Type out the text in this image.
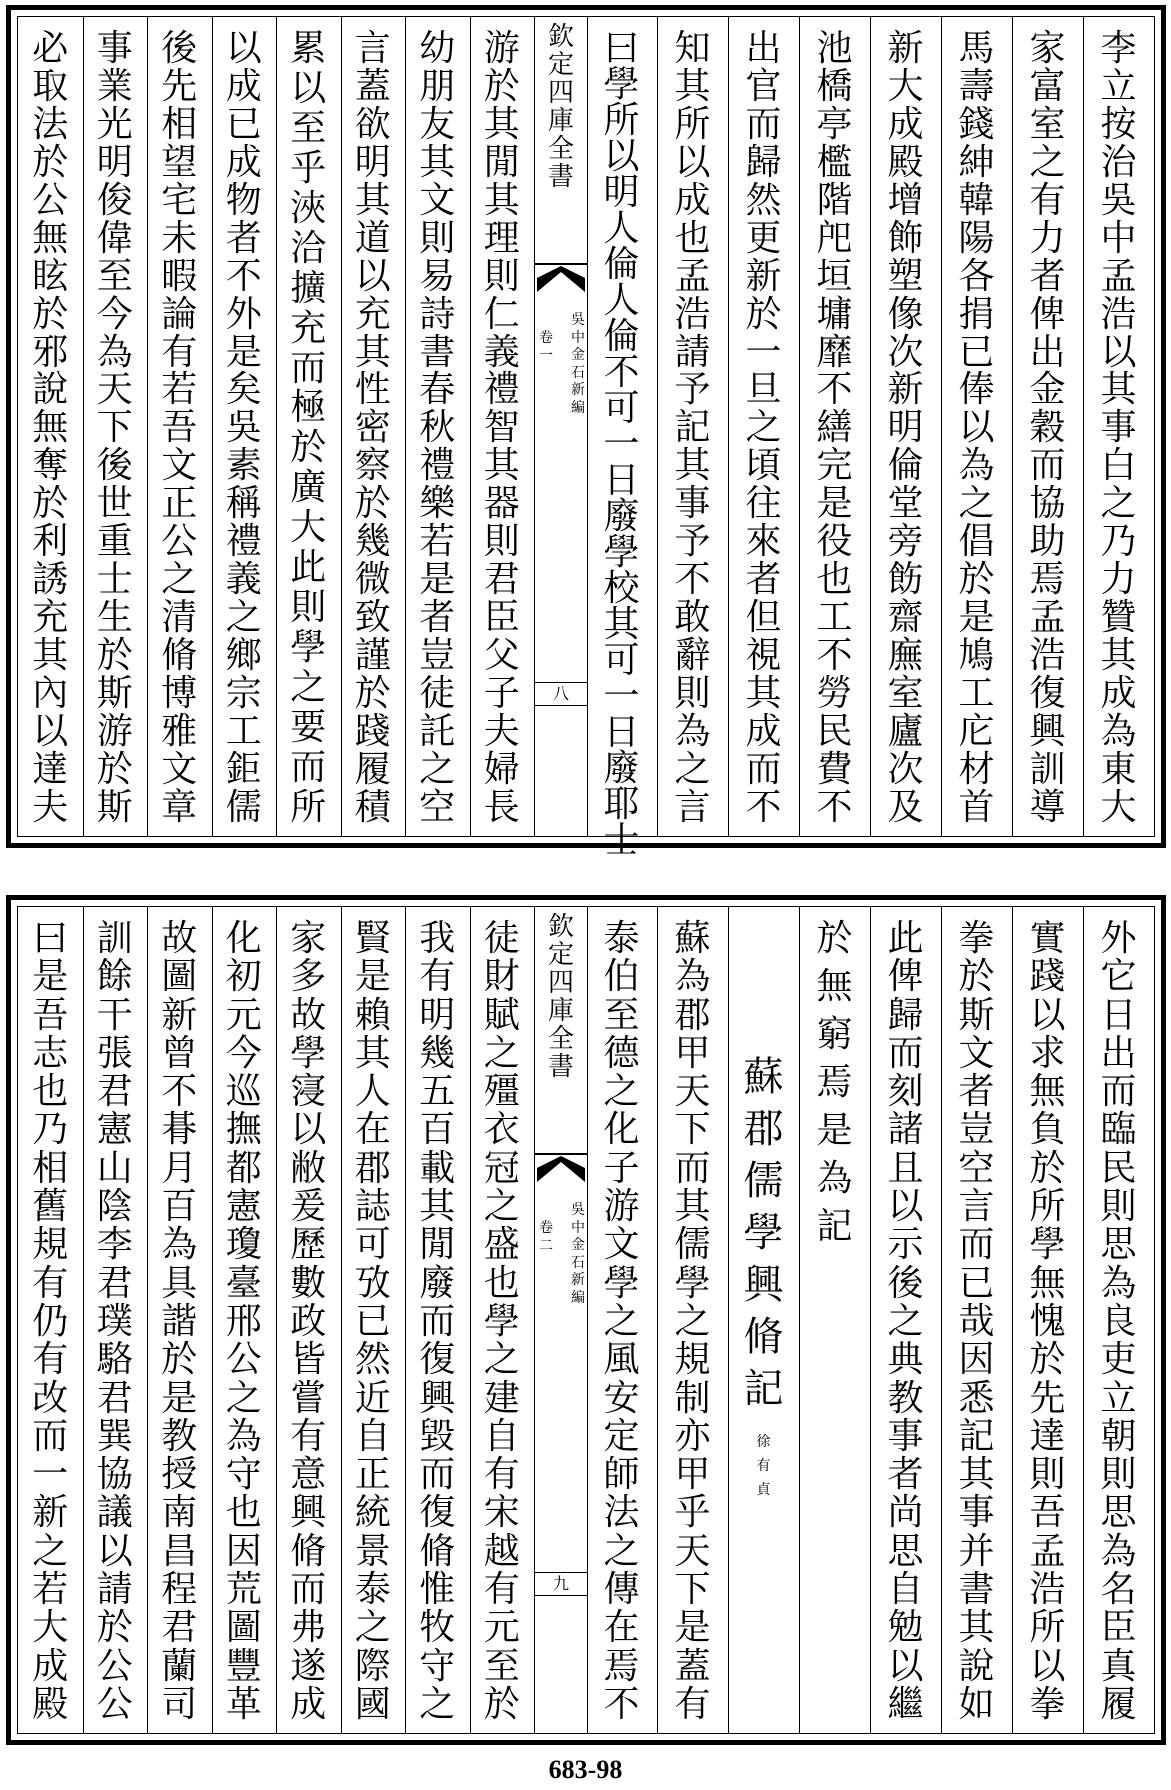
李
立
按
治
吳
中
孟
浩
以
其
事
白
之
乃
力
贊
其
成
為
東
大
家
富
室
之
有
力
者
俾
出
金
穀
而
協
助
焉
孟
浩
復
興
訓
導
馬
壽
錢
紳
韓
陽
各
捐
已
俸
以
為
之
倡
於
是
鳩
工
庀
材
首
新
大
成
殿
增
飾
塑
像
次
新
明
倫
堂
旁
飭
齋
廡
室
廬
次
及
池
橋
亭
檻
階
戺
垣
墉
靡
不
繕
完
是
役
也
工
不
勞
民
費
不
出
官
而
歸
然
更
新
於
一
旦
之
頃
往
來
者
但
視
其
成
而
不
知
其
所
以
成
也
孟
浩
請
予
記
其
事
予
不
敢
辭
則
為
之
言
曰
學
所
以
明
人
倫
人
倫
不
可
一
日
廢
學
校
其
可
一
日
廢
耶
士
游
於
其
閒
其
理
則
仁
義
禮
智
其
器
則
君
臣
父
子
夫
婦
長
幼
朋
友
其
文
則
易
詩
書
春
秋
禮
樂
若
是
者
豈
徒
託
之
空
言
蓋
欲
明
其
道
以
充
其
性
密
察
於
幾
微
致
謹
於
踐
履
積
累
以
至
乎
浹
洽
擴
充
而
極
於
廣
大
此
則
學
之
要
而
所
以
成
已
成
物
者
不
外
是
矣
吳
素
稱
禮
義
之
鄉
宗
工
鉅
儒
後
先
相
望
宅
未
暇
論
有
若
吾
文
正
公
之
清
脩
博
雅
文
章
事
業
光
明
俊
偉
至
今
為
天
下
後
世
重
士
生
於
斯
游
於
斯
必
取
法
於
公
無
眩
於
邪
說
無
奪
於
利
誘
充
其
內
以
達
夫
欽
定
四
庫
全
書
吳
中
金
石
新
編
卷
一
八
外
它
日
出
而
臨
民
則
思
為
良
吏
立
朝
則
思
為
名
臣
真
履
實
踐
以
求
無
負
於
所
學
無
愧
於
先
達
則
吾
孟
浩
所
以
拳
拳
於
斯
文
者
豈
空
言
而
已
哉
因
悉
記
其
事
并
書
其
說
如
此
俾
歸
而
刻
諸
且
以
示
後
之
典
教
事
者
尚
思
自
勉
以
繼
於
無
窮
焉
是
為
記
蘇
郡
儒
學
興
脩
記
徐
有
貞
蘇
為
郡
甲
天
下
而
其
儒
學
之
規
制
亦
甲
乎
天
下
是
蓋
有
泰
伯
至
德
之
化
子
游
文
學
之
風
安
定
師
法
之
傳
在
焉
不
徒
財
賦
之
殭
衣
冠
之
盛
也
學
之
建
自
有
宋
越
有
元
至
於
我
有
明
幾
五
百
載
其
閒
廢
而
復
興
毀
而
復
脩
惟
牧
守
之
賢
是
賴
其
人
在
郡
誌
可
攷
已
然
近
自
正
統
景
泰
之
際
國
家
多
故
學
寖
以
敝
爰
歷
數
政
皆
嘗
有
意
興
脩
而
弗
遂
成
化
初
元
今
巡
撫
都
憲
瓊
臺
邢
公
之
為
守
也
因
荒
圖
豐
革
故
圖
新
曾
不
朞
月
百
為
具
諧
於
是
教
授
南
昌
程
君
蘭
司
訓
餘
干
張
君
憲
山
陰
李
君
璞
駱
君
巽
協
議
以
請
於
公
公
曰
是
吾
志
也
乃
相
舊
規
有
仍
有
改
而
一
新
之
若
大
成
殿
欽
定
四
庫
全
書
吳
中
金
石
新
編
卷
二
九
683-98
